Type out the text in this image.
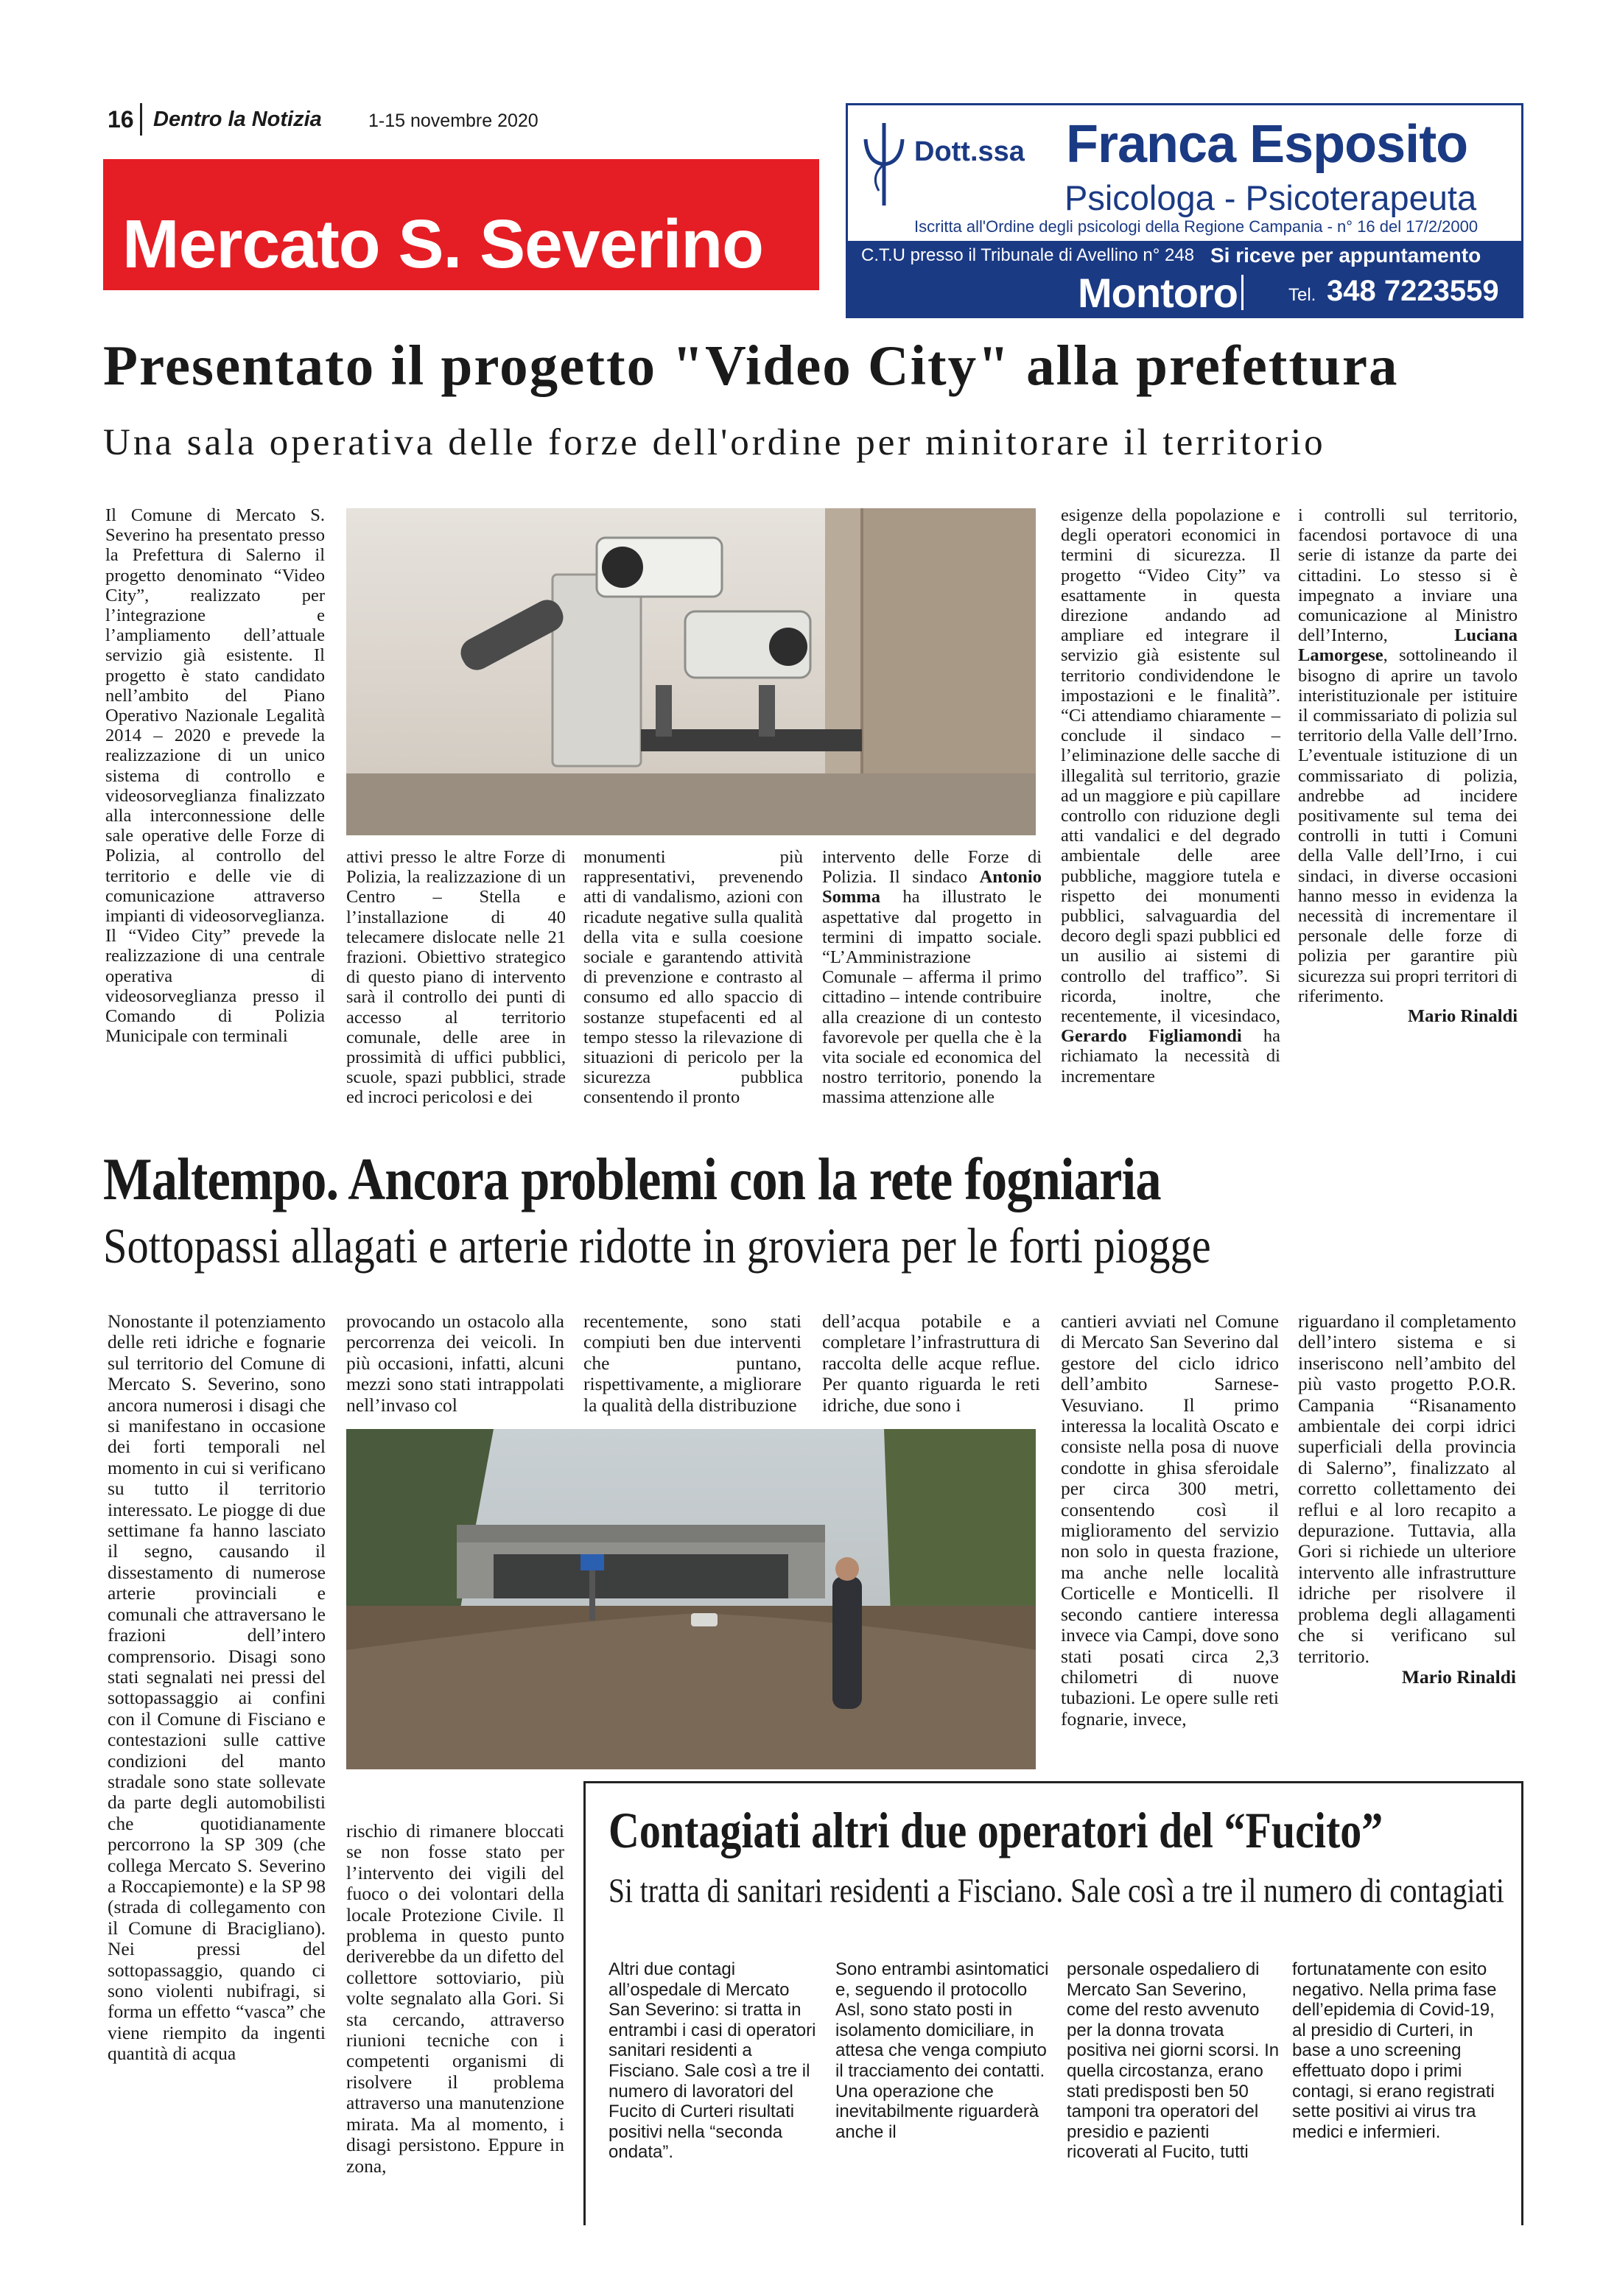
16 Dentro la Notizia	1-15 novembre 2020
Mercato S. Severino
Dott.ssa Franca Esposito
Psicologa - Psicoterapeuta
Iscritta all'Ordine degli psicologi della Regione Campania - n° 16 del 17/2/2000
C.T.U presso il Tribunale di Avellino n° 248 Si riceve per appuntamento
Montoro	Tel. 348 7223559
Presentato il progetto "Video City" alla prefettura
Una sala operativa delle forze dell'ordine per minitorare il territorio
Il Comune di Mercato S. Severino ha presentato presso la Prefettura di Salerno il progetto denominato “Video City”, realizzato per l’integrazione e l’ampliamento dell’attuale servizio già esistente. Il progetto è stato candidato nell’ambito del Piano Operativo Nazionale Legalità 2014 – 2020 e prevede la realizzazione di un unico sistema di controllo e videosorveglianza finalizzato alla interconnessione delle sale operative delle Forze di Polizia, al controllo del territorio e delle vie di comunicazione attraverso impianti di videosorveglianza. Il “Video City” prevede la realizzazione di una centrale operativa di videosorveglianza presso il Comando di Polizia Municipale con terminali
attivi presso le altre Forze di Polizia, la realizzazione di un Centro – Stella e l’installazione di 40 telecamere dislocate nelle 21 frazioni. Obiettivo strategico di questo piano di intervento sarà il controllo dei punti di accesso al territorio comunale, delle aree in prossimità di uffici pubblici, scuole, spazi pubblici, strade ed incroci pericolosi e dei
monumenti più rappresentativi, prevenendo atti di vandalismo, azioni con ricadute negative sulla qualità della vita e sulla coesione sociale e garantendo attività di prevenzione e contrasto al consumo ed allo spaccio di sostanze stupefacenti ed al tempo stesso la rilevazione di situazioni di pericolo per la sicurezza pubblica consentendo il pronto
intervento delle Forze di Polizia. Il sindaco Antonio Somma ha illustrato le aspettative dal progetto in termini di impatto sociale. “L’Amministrazione Comunale – afferma il primo cittadino – intende contribuire alla creazione di un contesto favorevole per quella che è la vita sociale ed economica del nostro territorio, ponendo la massima attenzione alle
esigenze della popolazione e degli operatori economici in termini di sicurezza. Il progetto “Video City” va esattamente in questa direzione andando ad ampliare ed integrare il servizio già esistente sul territorio condividendone le impostazioni e le finalità”. “Ci attendiamo chiaramente – conclude il sindaco – l’eliminazione delle sacche di illegalità sul territorio, grazie ad un maggiore e più capillare controllo con riduzione degli atti vandalici e del degrado ambientale delle aree pubbliche, maggiore tutela e rispetto dei monumenti pubblici, salvaguardia del decoro degli spazi pubblici ed un ausilio ai sistemi di controllo del traffico”. Si ricorda, inoltre, che recentemente, il vicesindaco, Gerardo Figliamondi ha richiamato la necessità di incrementare

i controlli sul territorio, facendosi portavoce di una serie di istanze da parte dei cittadini. Lo stesso si è impegnato a inviare una comunicazione al Ministro dell’Interno, Luciana Lamorgese, sottolineando il bisogno di aprire un tavolo interistituzionale per istituire il commissariato di polizia sul territorio della Valle dell’Irno. L’eventuale istituzione di un commissariato di polizia, andrebbe ad incidere positivamente sul tema dei controlli in tutti i Comuni della Valle dell’Irno, i cui sindaci, in diverse occasioni hanno messo in evidenza la necessità di incrementare il personale delle forze di polizia per garantire più sicurezza sui propri territori di riferimento.

Mario Rinaldi

Maltempo. Ancora problemi con la rete fogniaria
Sottopassi allagati e arterie ridotte in groviera per le forti piogge
Nonostante il potenziamento delle reti idriche e fognarie sul territorio del Comune di Mercato S. Severino, sono ancora numerosi i disagi che si manifestano in occasione dei forti temporali nel momento in cui si verificano su tutto il territorio interessato. Le piogge di due settimane fa hanno lasciato il segno, causando il dissestamento di numerose arterie provinciali e comunali che attraversano le frazioni dell’intero comprensorio. Disagi sono stati segnalati nei pressi del sottopassaggio ai confini con il Comune di Fisciano e contestazioni sulle cattive condizioni del manto stradale sono state sollevate da parte degli automobilisti che quotidianamente percorrono la SP 309 (che collega Mercato S. Severino a Roccapiemonte) e la SP 98 (strada di collegamento con il Comune di Bracigliano). Nei pressi del sottopassaggio, quando ci sono violenti nubifragi, si forma un effetto “vasca” che viene riempito da ingenti quantità di acqua
provocando un ostacolo alla percorrenza dei veicoli. In più occasioni, infatti, alcuni mezzi sono stati intrappolati nell’invaso col
recentemente, sono stati compiuti ben due interventi che puntano, rispettivamente, a migliorare la qualità della distribuzione
dell’acqua potabile e a completare l’infrastruttura di raccolta delle acque reflue. Per quanto riguarda le reti idriche, due sono i
rischio di rimanere bloccati se non fosse stato per l’intervento dei vigili del fuoco o dei volontari della locale Protezione Civile. Il problema in questo punto deriverebbe da un difetto del collettore sottoviario, più volte segnalato alla Gori. Si sta cercando, attraverso riunioni tecniche con i competenti organismi di risolvere il problema attraverso una manutenzione mirata. Ma al momento, i disagi persistono. Eppure in zona,
cantieri avviati nel Comune di Mercato San Severino dal gestore del ciclo idrico dell’ambito Sarnese-Vesuviano. Il primo interessa la località Oscato e consiste nella posa di nuove condotte in ghisa sferoidale per circa 300 metri, consentendo così il miglioramento del servizio non solo in questa frazione, ma anche nelle località Corticelle e Monticelli. Il secondo cantiere interessa invece via Campi, dove sono stati posati circa 2,3 chilometri di nuove tubazioni. Le opere sulle reti fognarie, invece,

riguardano il completamento dell’intero sistema e si inseriscono nell’ambito del più vasto progetto P.O.R. Campania “Risanamento ambientale dei corpi idrici superficiali della provincia di Salerno”, finalizzato al corretto collettamento dei reflui e al loro recapito a depurazione. Tuttavia, alla Gori si richiede un ulteriore intervento alle infrastrutture idriche per risolvere il problema degli allagamenti che si verificano sul territorio.

Mario Rinaldi

Contagiati altri due operatori del “Fucito”
Si tratta di sanitari residenti a Fisciano. Sale così a tre il numero di contagiati
Altri due contagi all’ospedale di Mercato San Severino: si tratta in entrambi i casi di operatori sanitari residenti a Fisciano. Sale così a tre il numero di lavoratori del Fucito di Curteri risultati positivi nella “seconda ondata”.
Sono entrambi asintomatici e, seguendo il protocollo Asl, sono stato posti in isolamento domiciliare, in attesa che venga compiuto il tracciamento dei contatti. Una operazione che inevitabilmente riguarderà anche il
personale ospedaliero di Mercato San Severino, come del resto avvenuto per la donna trovata positiva nei giorni scorsi. In quella circostanza, erano stati predisposti ben 50 tamponi tra operatori del presidio e pazienti ricoverati al Fucito, tutti
fortunatamente con esito negativo. Nella prima fase dell’epidemia di Covid-19, al presidio di Curteri, in base a uno screening effettuato dopo i primi contagi, si erano registrati sette positivi ai virus tra medici e infermieri.
